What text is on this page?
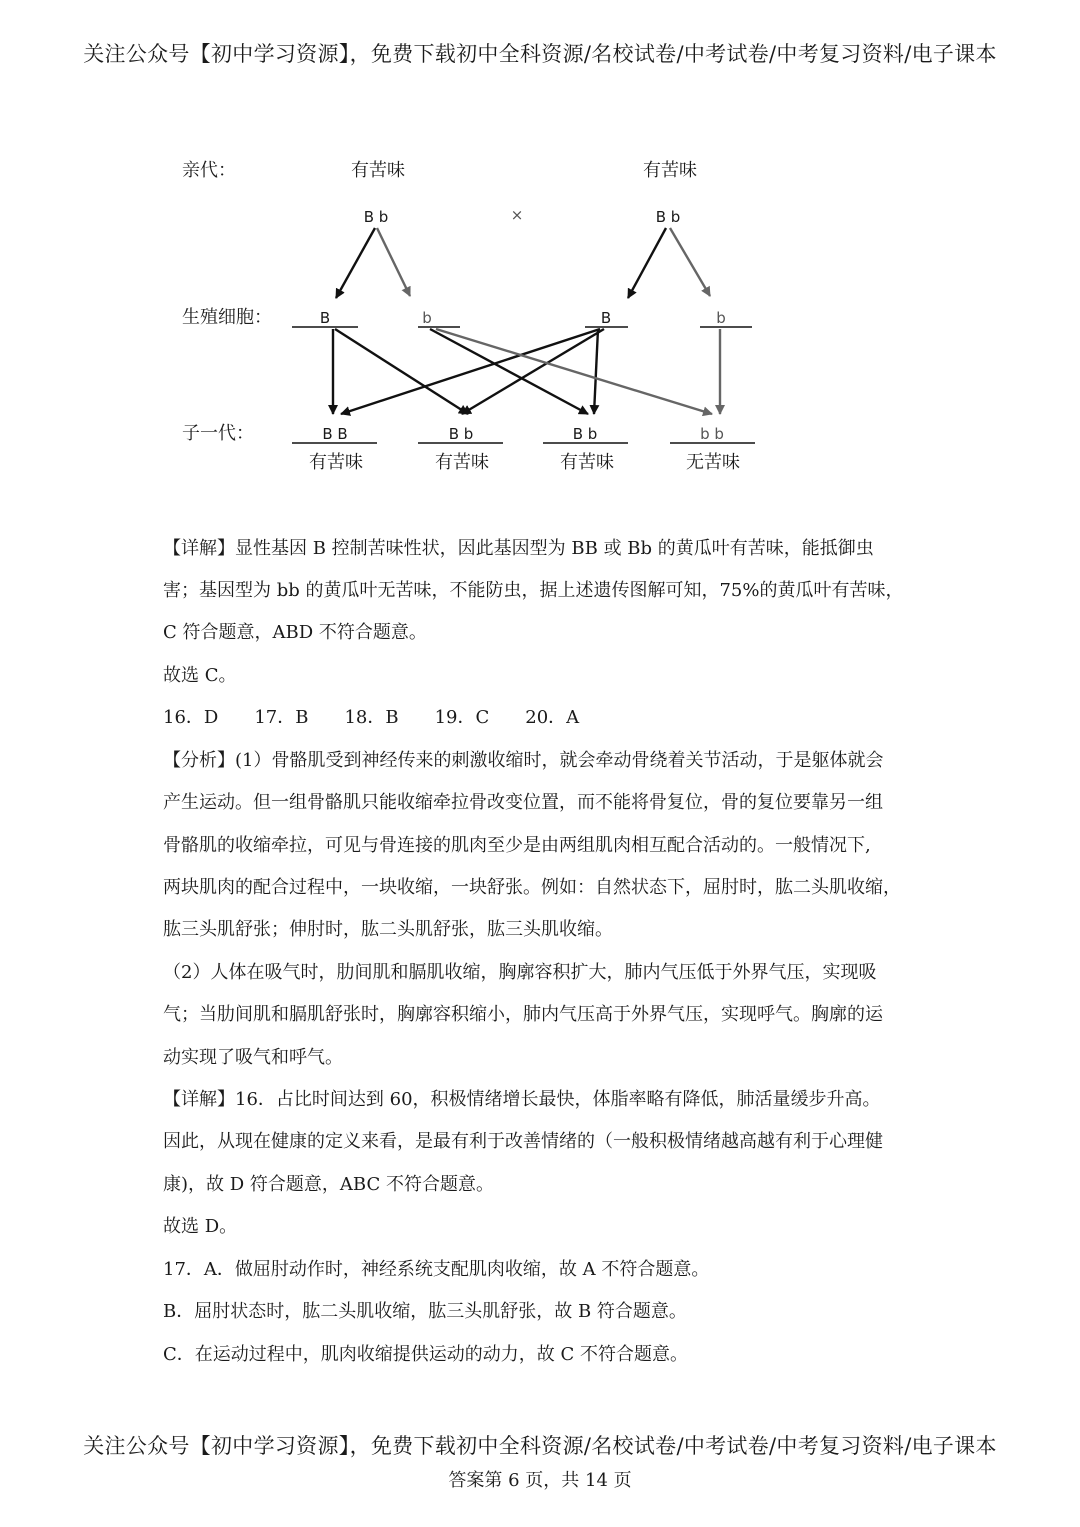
关注公众号【初中学习资源】，免费下载初中全科资源/名校试卷/中考试卷/中考复习资料/电子课本
亲代：
生殖细胞：
子一代：
有苦味	有苦味
B b	B b
×
B	b	B	b
B B
有苦味
B b
有苦味
B b
有苦味
b b
无苦味
【详解】显性基因 B 控制苦味性状，因此基因型为 BB 或 Bb 的黄瓜叶有苦味，能抵御虫
害；基因型为 bb 的黄瓜叶无苦味，不能防虫，据上述遗传图解可知，75%的黄瓜叶有苦味，
C 符合题意，ABD 不符合题意。
故选 C。
16．D　　17．B　　18．B　　19．C　　20．A
【分析】(1）骨骼肌受到神经传来的刺激收缩时，就会牵动骨绕着关节活动，于是躯体就会
产生运动。但一组骨骼肌只能收缩牵拉骨改变位置，而不能将骨复位，骨的复位要靠另一组
骨骼肌的收缩牵拉，可见与骨连接的肌肉至少是由两组肌肉相互配合活动的。一般情况下,
两块肌肉的配合过程中，一块收缩，一块舒张。例如：自然状态下，屈肘时，肱二头肌收缩，
肱三头肌舒张；伸肘时，肱二头肌舒张，肱三头肌收缩。
（2）人体在吸气时，肋间肌和膈肌收缩，胸廓容积扩大，肺内气压低于外界气压，实现吸
气；当肋间肌和膈肌舒张时，胸廓容积缩小，肺内气压高于外界气压，实现呼气。胸廓的运
动实现了吸气和呼气。
【详解】16．占比时间达到 60，积极情绪增长最快，体脂率略有降低，肺活量缓步升高。
因此，从现在健康的定义来看，是最有利于改善情绪的（一般积极情绪越高越有利于心理健
康)，故 D 符合题意，ABC 不符合题意。
故选 D。
17．A．做屈肘动作时，神经系统支配肌肉收缩，故 A 不符合题意。
B．屈肘状态时，肱二头肌收缩，肱三头肌舒张，故 B 符合题意。
C．在运动过程中，肌肉收缩提供运动的动力，故 C 不符合题意。
关注公众号【初中学习资源】，免费下载初中全科资源/名校试卷/中考试卷/中考复习资料/电子课本
答案第 6 页，共 14 页
